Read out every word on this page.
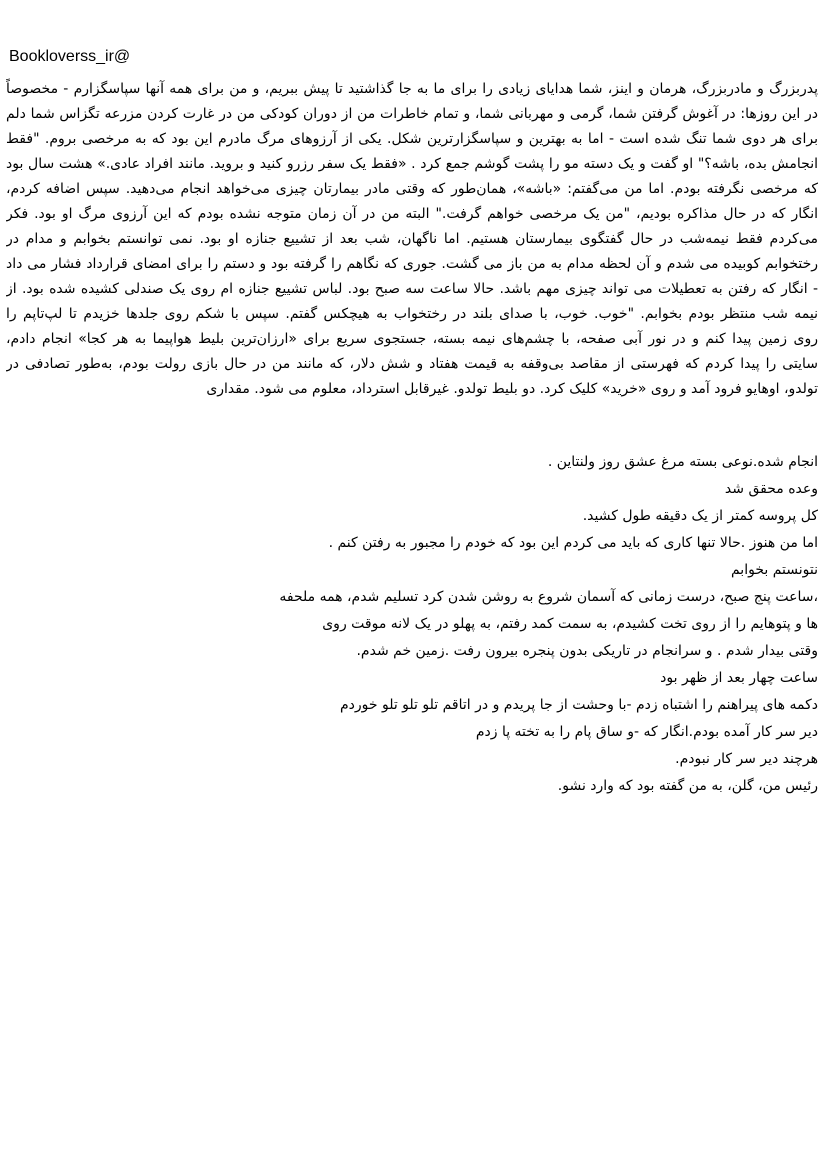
Bookloverss_ir@
پدربزرگ و مادربزرگ، هرمان و اینز، شما هدایای زیادی را برای ما به جا گذاشتید تا پیش ببریم، و من برای همه آنها سپاسگزارم - مخصوصاً
در این روزها: در آغوش گرفتن شما، گرمی و مهربانی شما، و تمام خاطرات من از دوران کودکی من در غارت کردن مزرعه تگزاس شما دلم
برای هر دوی شما تنگ شده است - اما به بهترین و سپاسگزارترین شکل. یکی از آرزوهای مرگ مادرم این بود که به مرخصی بروم. "فقط
انجامش بده، باشه؟" او گفت و یک دسته مو را پشت گوشم جمع کرد . «فقط یک سفر رزرو کنید و بروید. مانند افراد عادی.» هشت سال بود
که مرخصی نگرفته بودم. اما من می‌گفتم: «باشه»، همان‌طور که وقتی مادر بیمارتان چیزی می‌خواهد انجام می‌دهید. سپس اضافه کردم،
انگار که در حال مذاکره بودیم، "من یک مرخصی خواهم گرفت." البته من در آن زمان متوجه نشده بودم که این آرزوی مرگ او بود. فکر
می‌کردم فقط نیمه‌شب در حال گفتگوی بیمارستان هستیم. اما ناگهان، شب بعد از تشییع جنازه او بود. نمی توانستم بخوابم و مدام در
رختخوابم کوبیده می شدم و آن لحظه مدام به من باز می گشت. جوری که نگاهم را گرفته بود و دستم را برای امضای قرارداد فشار می داد
- انگار که رفتن به تعطیلات می تواند چیزی مهم باشد. حالا ساعت سه صبح بود. لباس تشییع جنازه ام روی یک صندلی کشیده شده بود. از
نیمه شب منتظر بودم بخوابم. "خوب. خوب، با صدای بلند در رختخواب به هیچکس گفتم. سپس با شکم روی جلدها خزیدم تا لپ‌تاپم را
روی زمین پیدا کنم و در نور آبی صفحه، با چشم‌های نیمه بسته، جستجوی سریع برای «ارزان‌ترین بلیط هواپیما به هر کجا» انجام دادم،
سایتی را پیدا کردم که فهرستی از مقاصد بی‌وقفه به قیمت هفتاد و شش دلار، که مانند من در حال بازی رولت بودم، به‌طور تصادفی در
تولدو، اوهایو فرود آمد و روی «خرید» کلیک کرد. دو بلیط تولدو. غیرقابل استرداد، معلوم می شود. مقداری
انجام شده.نوعی بسته مرغ عشق روز ولنتاین .
وعده محقق شد
کل پروسه کمتر از یک دقیقه طول کشید.
اما من هنوز .حالا تنها کاری که باید می کردم این بود که خودم را مجبور به رفتن کنم .
نتونستم بخوابم
،ساعت پنج صبح، درست زمانی که آسمان شروع به روشن شدن کرد تسلیم شدم، همه ملحفه
ها و پتوهایم را از روی تخت کشیدم، به سمت کمد رفتم، به پهلو در یک لانه موقت روی
وقتی بیدار شدم . و سرانجام در تاریکی بدون پنجره بیرون رفت .زمین خم شدم.
ساعت چهار بعد از ظهر بود
دکمه های پیراهنم را اشتباه زدم -با وحشت از جا پریدم و در اتاقم تلو تلو تلو خوردم
دیر سر کار آمده بودم.انگار که -و ساق پام را به تخته پا زدم
هرچند دیر سر کار نبودم.
رئیس من، گلن، به من گفته بود که وارد نشو.
